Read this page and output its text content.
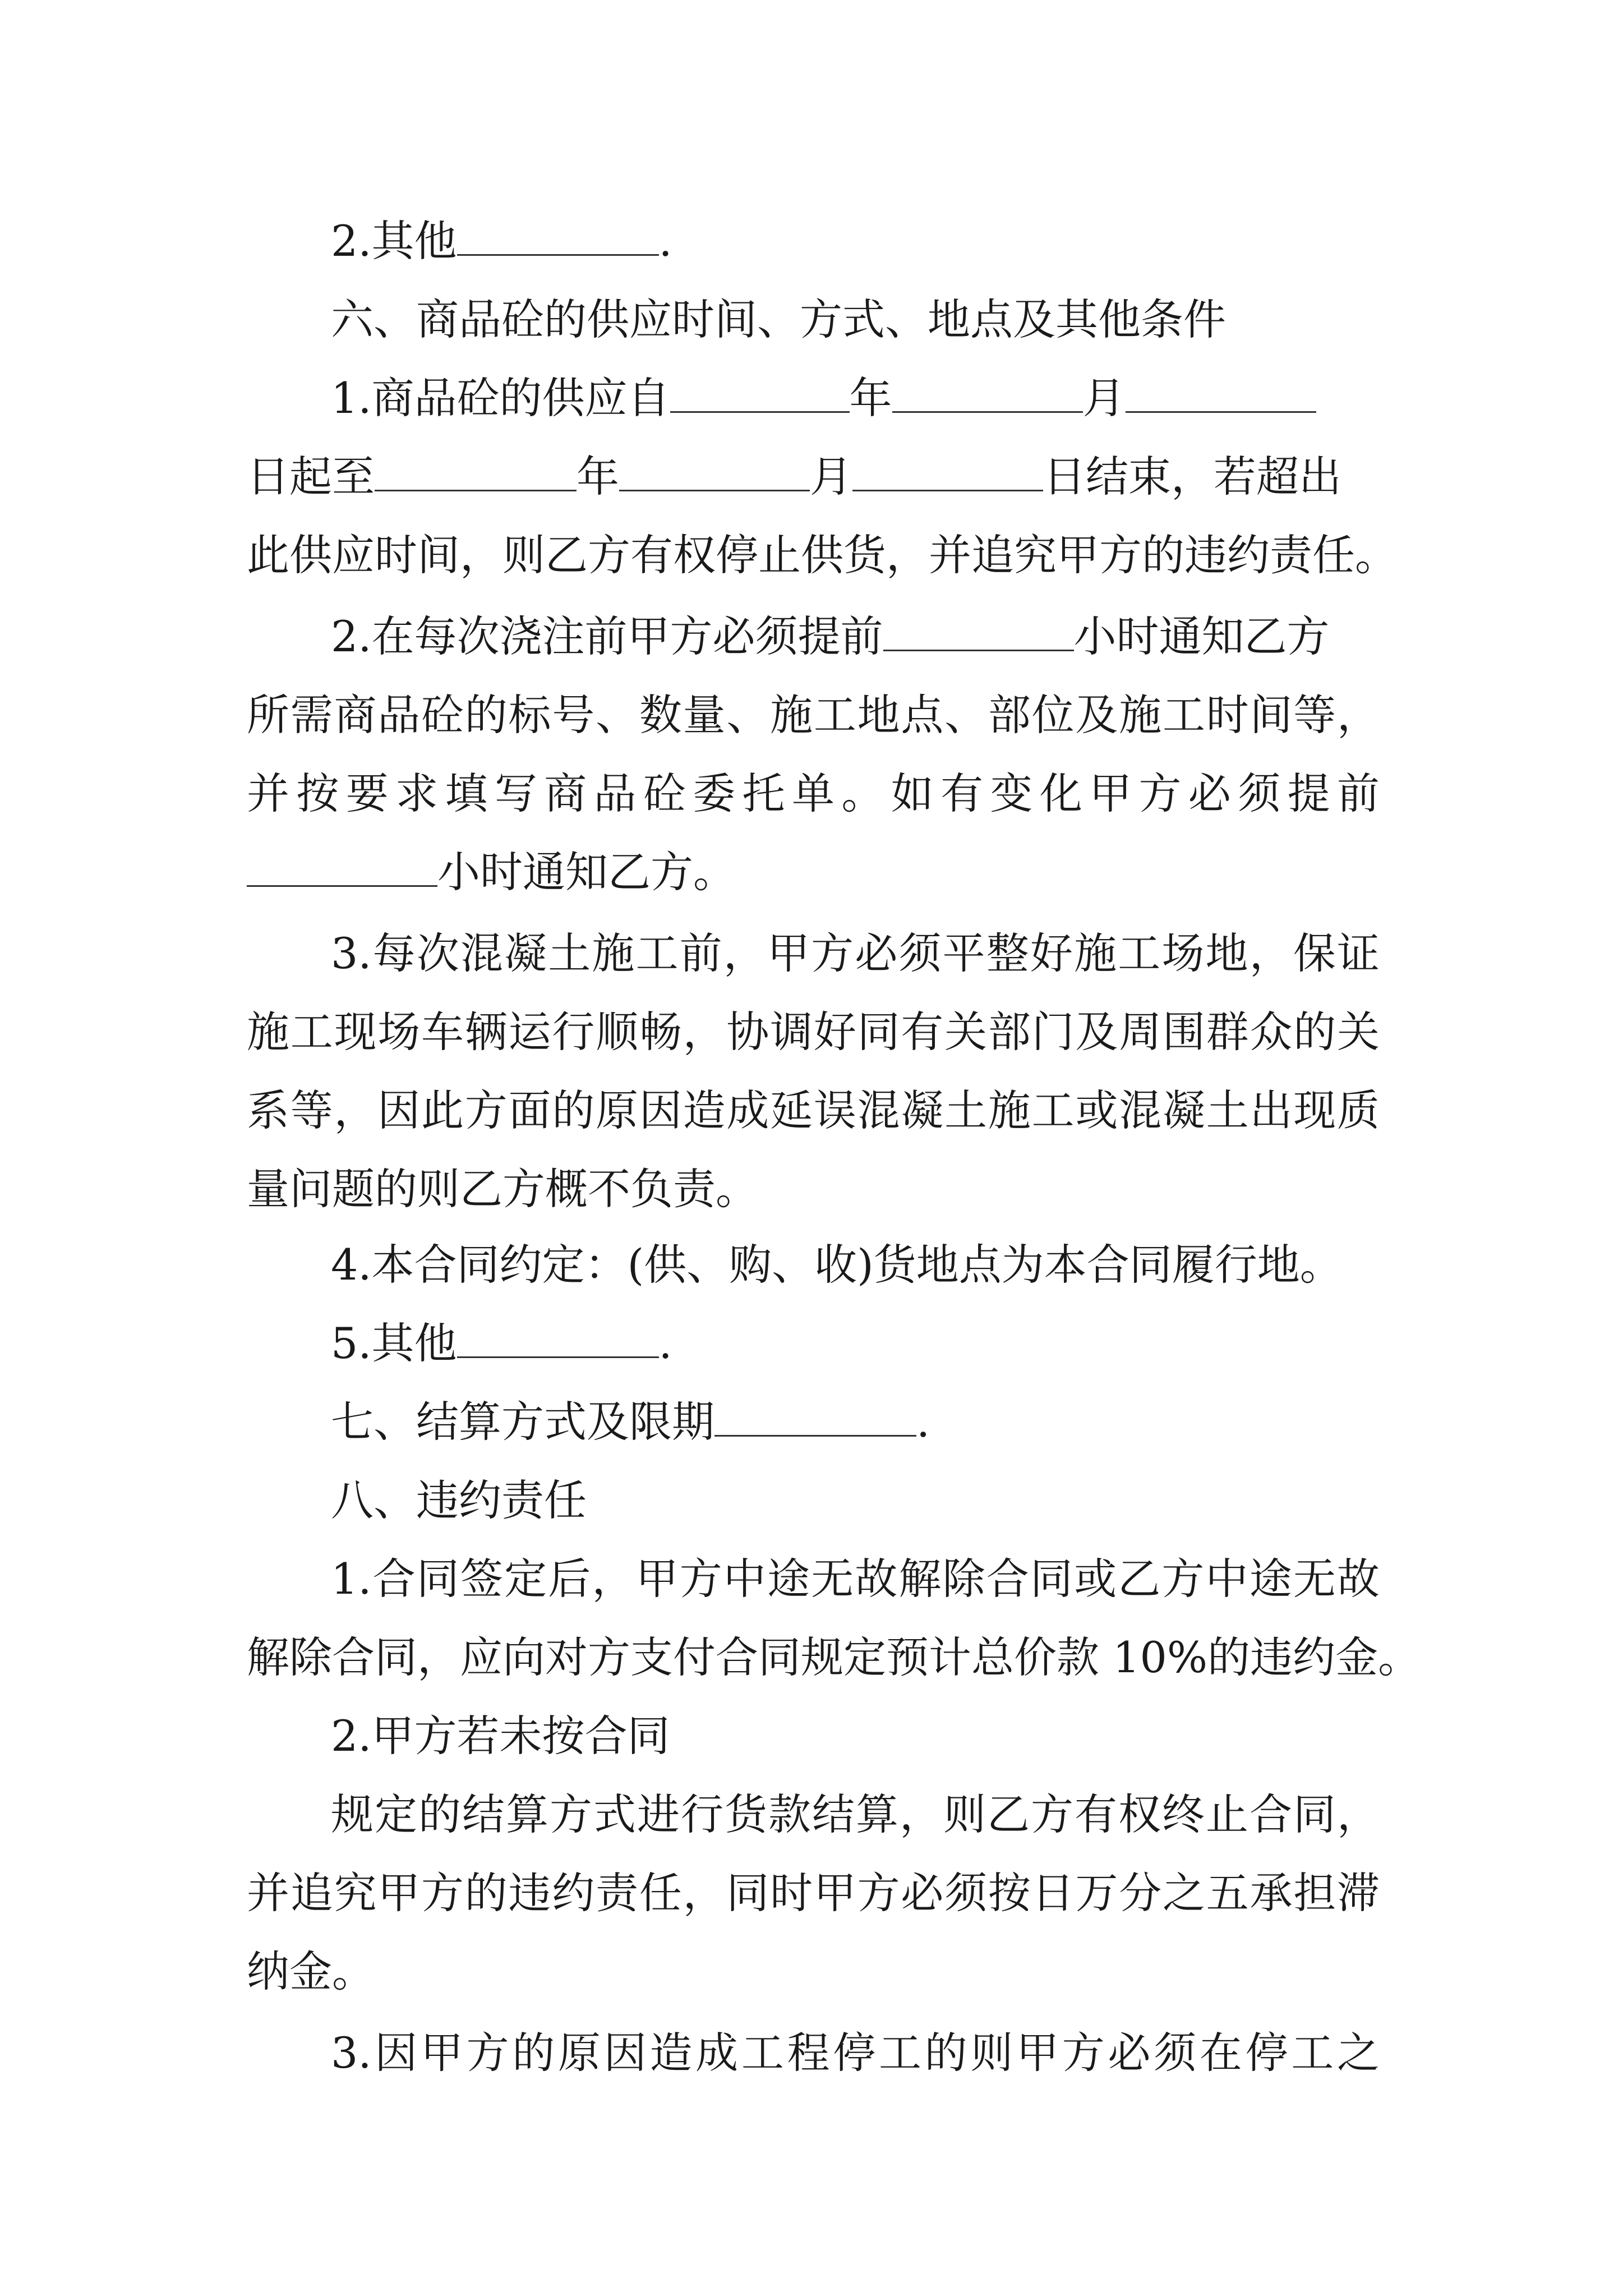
2.其他	.
六、商品砼的供应时间、方式、地点及其他条件
1.商品砼的供应自	年	月
日起至	年	月	日结束，若超出
此供应时间，则乙方有权停止供货，并追究甲方的违约责任。
2.在每次浇注前甲方必须提前	小时通知乙方
所需商品砼的标号、数量、施工地点、部位及施工时间等，
并按要求填写商品砼委托单。如有变化甲方必须提前
小时通知乙方。
3.每次混凝土施工前，甲方必须平整好施工场地，保证
施工现场车辆运行顺畅，协调好同有关部门及周围群众的关
系等，因此方面的原因造成延误混凝土施工或混凝土出现质
量问题的则乙方概不负责。
4.本合同约定：(供、购、收)货地点为本合同履行地。
5.其他	.
七、结算方式及限期	.
八、违约责任
1.合同签定后，甲方中途无故解除合同或乙方中途无故
解除合同，应向对方支付合同规定预计总价款 10%的违约金。
2.甲方若未按合同
规定的结算方式进行货款结算，则乙方有权终止合同，
并追究甲方的违约责任，同时甲方必须按日万分之五承担滞
纳金。
3.因甲方的原因造成工程停工的则甲方必须在停工之
